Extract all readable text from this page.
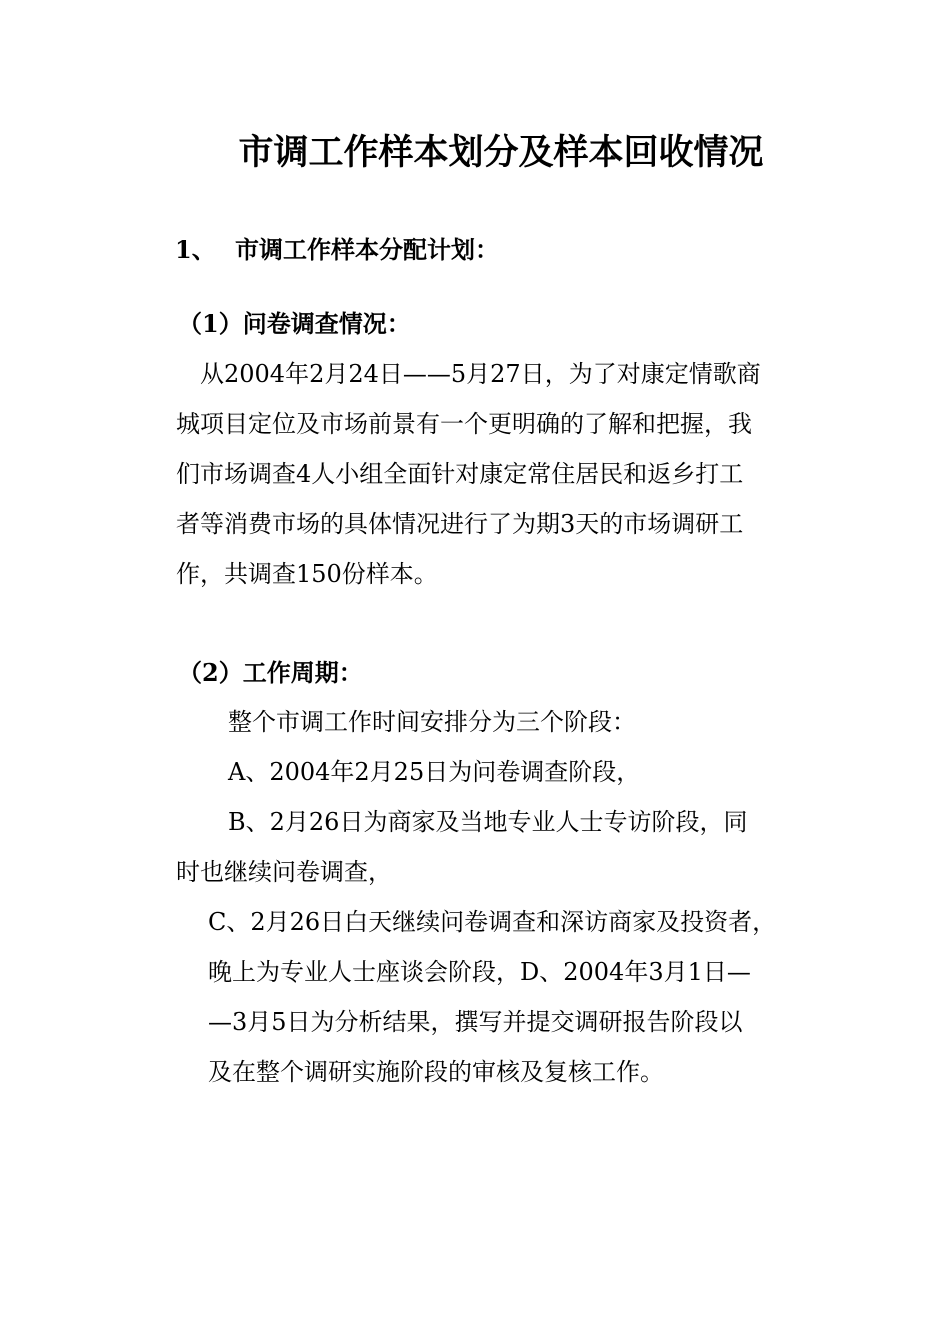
市调工作样本划分及样本回收情况
1、 市调工作样本分配计划：
（1）问卷调查情况：
从2004年2月24日——5月27日，为了对康定情歌商
城项目定位及市场前景有一个更明确的了解和把握，我
们市场调查4人小组全面针对康定常住居民和返乡打工
者等消费市场的具体情况进行了为期3天的市场调研工
作，共调查150份样本。
（2）工作周期：
整个市调工作时间安排分为三个阶段：
A、2004年2月25日为问卷调查阶段，
B、2月26日为商家及当地专业人士专访阶段，同
时也继续问卷调查，
C、2月26日白天继续问卷调查和深访商家及投资者，
晚上为专业人士座谈会阶段，D、2004年3月1日—
—3月5日为分析结果，撰写并提交调研报告阶段以
及在整个调研实施阶段的审核及复核工作。
